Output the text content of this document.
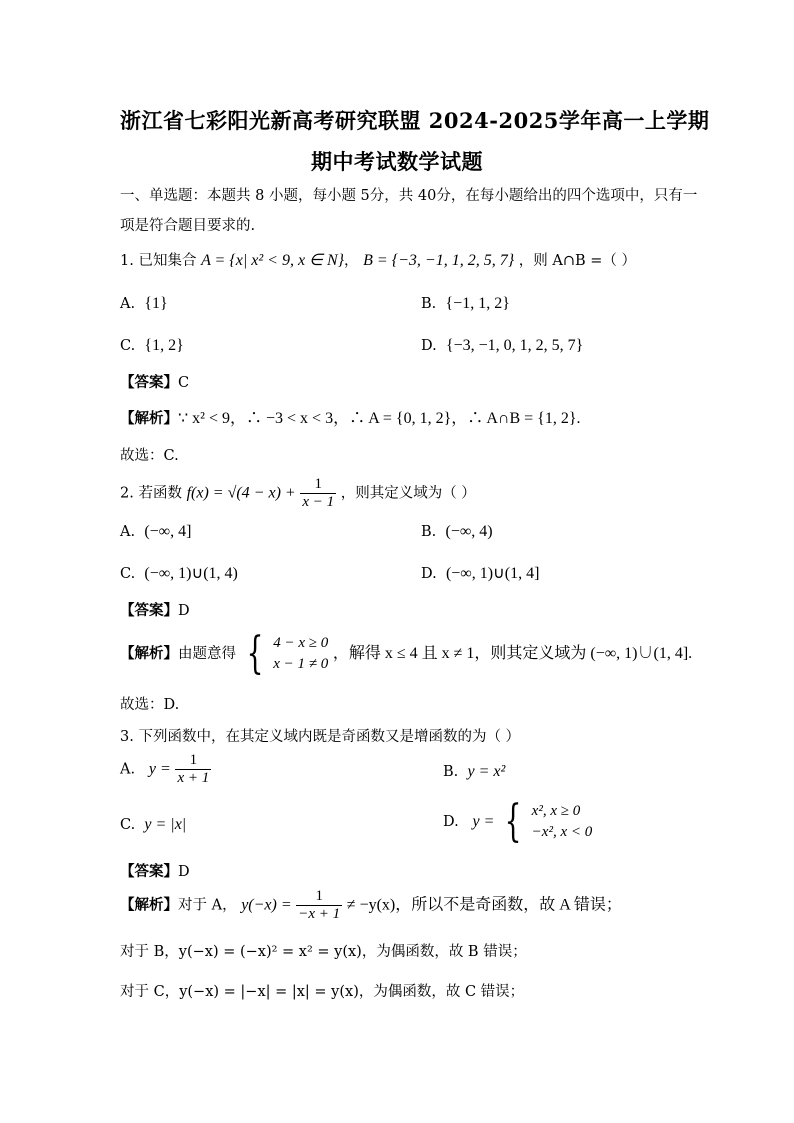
浙江省七彩阳光新高考研究联盟 2024-2025学年高一上学期
期中考试数学试题
一、单选题：本题共 8 小题，每小题 5分，共 40分，在每小题给出的四个选项中，只有一
项是符合题目要求的.
1. 已知集合 A = {x| x² < 9, x ∈ N}， B = {−3, −1, 1, 2, 5, 7} ，则 A∩B =（ ）
A.  {1}	B.  {−1, 1, 2}
C.  {1, 2}	D.  {−3, −1, 0, 1, 2, 5, 7}
【答案】C
【解析】∵ x² < 9，∴ −3 < x < 3，∴ A = {0, 1, 2}，∴ A∩B = {1, 2}.
故选：C.
2. 若函数 $f(x) = √(4 - x) + \frac{1}{x - 1}$ ，则其定义域为（ ）
A.  (−∞, 4]	B.  (−∞, 4)
C.  (−∞, 1)∪(1, 4)	D.  (−∞, 1)∪(1, 4]
【答案】D
【解析】由题意得 { 4 − x ≥ 0
x − 1 ≠ 0
，解得 x ≤ 4 且 x ≠ 1，则其定义域为 (−∞, 1)∪(1, 4].
故选：D.
3. 下列函数中，在其定义域内既是奇函数又是增函数的为（ ）
A.   $y = \frac{1}{x + 1}$	B.  y = x²
C.  y = |x|	D.   y = { x², x ≥ 0
−x², x < 0
【答案】D
【解析】对于 A， $y(-x) = \frac{1}{-x + 1} \ne -y(x)$，所以不是奇函数，故 A 错误；
对于 B，y(−x) = (−x)² = x² = y(x)，为偶函数，故 B 错误；
对于 C，y(−x) = |−x| = |x| = y(x)，为偶函数，故 C 错误；
